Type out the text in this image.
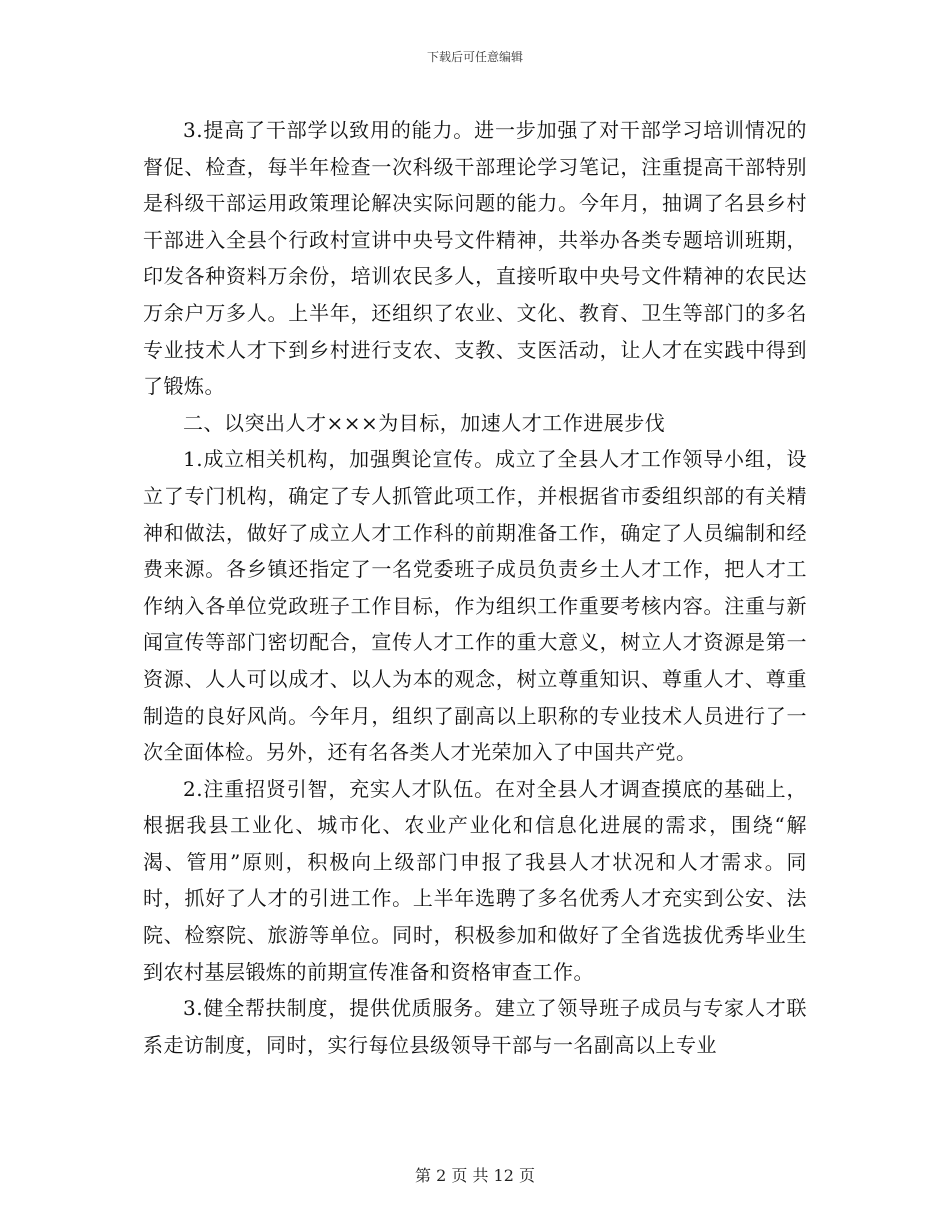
下载后可任意编辑

3.提高了干部学以致用的能力。进一步加强了对干部学习培训情况的督促、检查，每半年检查一次科级干部理论学习笔记，注重提高干部特别是科级干部运用政策理论解决实际问题的能力。今年月，抽调了名县乡村干部进入全县个行政村宣讲中央号文件精神，共举办各类专题培训班期，印发各种资料万余份，培训农民多人，直接听取中央号文件精神的农民达万余户万多人。上半年，还组织了农业、文化、教育、卫生等部门的多名专业技术人才下到乡村进行支农、支教、支医活动，让人才在实践中得到了锻炼。

二、以突出人才×××为目标，加速人才工作进展步伐

1.成立相关机构，加强舆论宣传。成立了全县人才工作领导小组，设立了专门机构，确定了专人抓管此项工作，并根据省市委组织部的有关精神和做法，做好了成立人才工作科的前期准备工作，确定了人员编制和经费来源。各乡镇还指定了一名党委班子成员负责乡土人才工作，把人才工作纳入各单位党政班子工作目标，作为组织工作重要考核内容。注重与新闻宣传等部门密切配合，宣传人才工作的重大意义，树立人才资源是第一资源、人人可以成才、以人为本的观念，树立尊重知识、尊重人才、尊重制造的良好风尚。今年月，组织了副高以上职称的专业技术人员进行了一次全面体检。另外，还有名各类人才光荣加入了中国共产党。

2.注重招贤引智，充实人才队伍。在对全县人才调查摸底的基础上，根据我县工业化、城市化、农业产业化和信息化进展的需求，围绕“解渴、管用”原则，积极向上级部门申报了我县人才状况和人才需求。同时，抓好了人才的引进工作。上半年选聘了多名优秀人才充实到公安、法院、检察院、旅游等单位。同时，积极参加和做好了全省选拔优秀毕业生到农村基层锻炼的前期宣传准备和资格审查工作。

3.健全帮扶制度，提供优质服务。建立了领导班子成员与专家人才联系走访制度，同时，实行每位县级领导干部与一名副高以上专业

第 2 页 共 12 页
